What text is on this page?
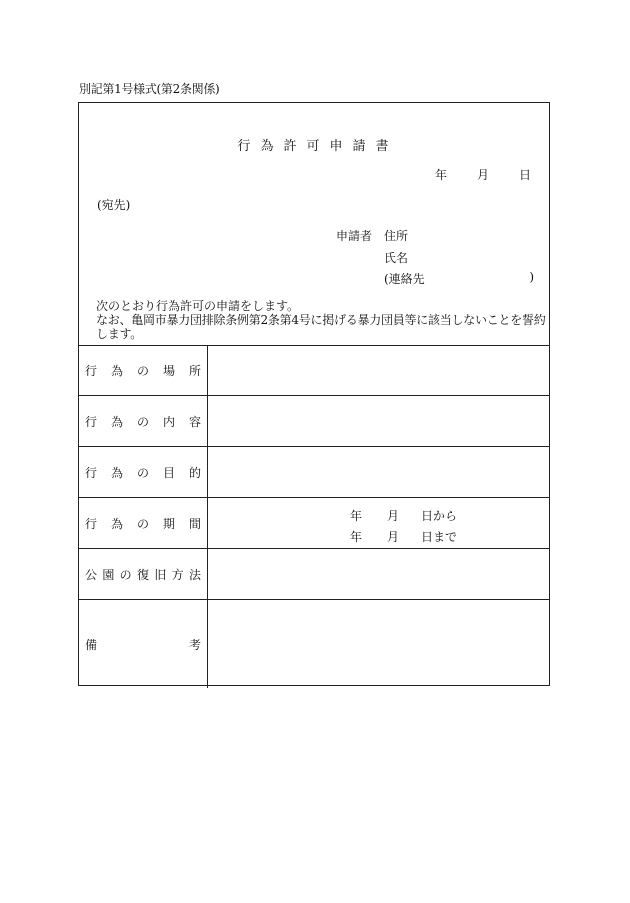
別記第1号様式(第2条関係)
行為許可申請書
年	月	日
(宛先)
申請者 住所
氏名
(連絡先	)
次のとおり行為許可の申請をします。
なお、亀岡市暴力団排除条例第2条第4号に掲げる暴力団員等に該当しないことを誓約します。
行 為 の 場 所
行 為 の 内 容
行 為 の 目 的
行 為 の 期 間
年	月	日から
年	月	日まで
公 園 の 復 旧 方 法
備	考
